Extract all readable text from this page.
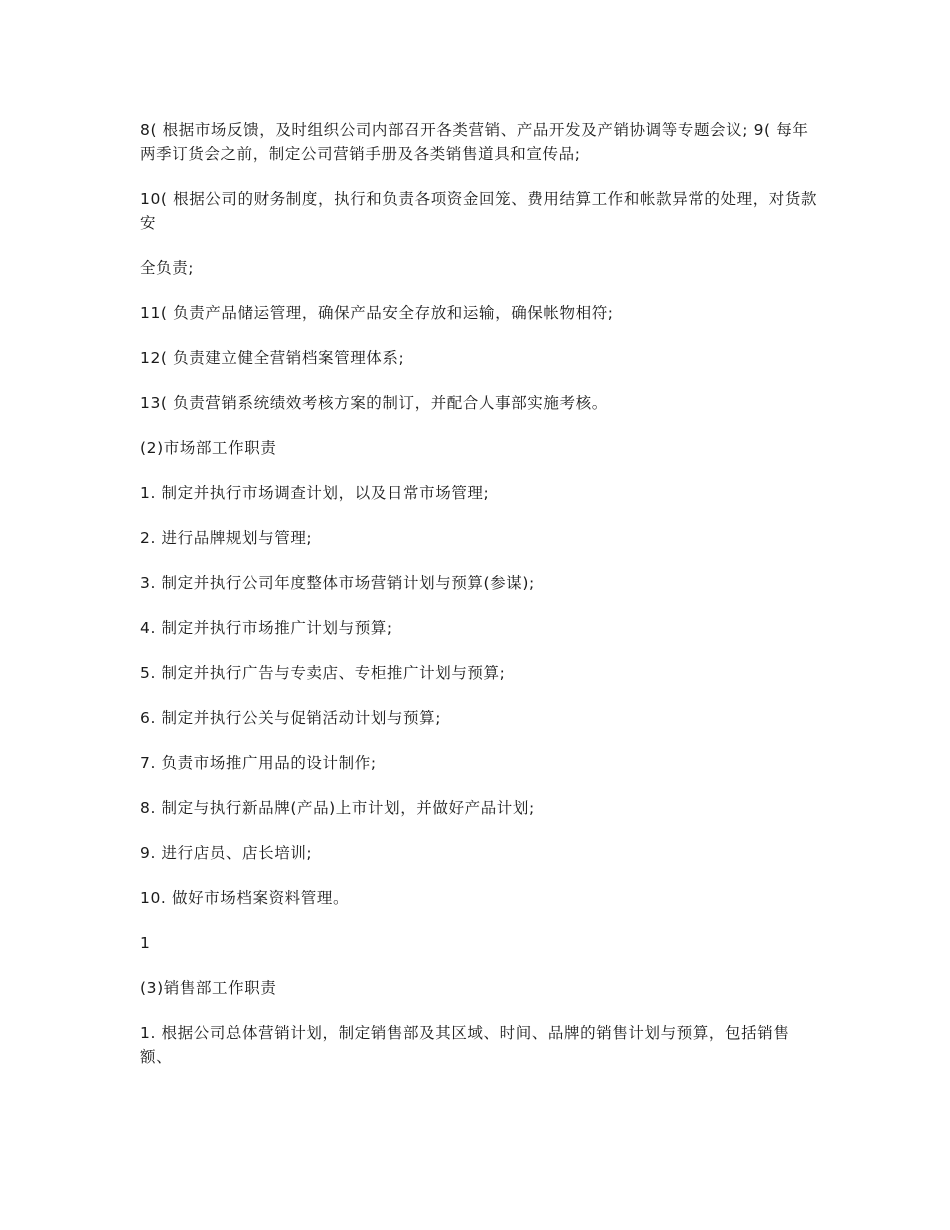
8( 根据市场反馈，及时组织公司内部召开各类营销、产品开发及产销协调等专题会议; 9( 每年两季订货会之前，制定公司营销手册及各类销售道具和宣传品;

10( 根据公司的财务制度，执行和负责各项资金回笼、费用结算工作和帐款异常的处理，对货款安

全负责;

11( 负责产品储运管理，确保产品安全存放和运输，确保帐物相符;

12( 负责建立健全营销档案管理体系;

13( 负责营销系统绩效考核方案的制订，并配合人事部实施考核。

(2)市场部工作职责

1. 制定并执行市场调查计划，以及日常市场管理;

2. 进行品牌规划与管理;

3. 制定并执行公司年度整体市场营销计划与预算(参谋);

4. 制定并执行市场推广计划与预算;

5. 制定并执行广告与专卖店、专柜推广计划与预算;

6. 制定并执行公关与促销活动计划与预算;

7. 负责市场推广用品的设计制作;

8. 制定与执行新品牌(产品)上市计划，并做好产品计划;

9. 进行店员、店长培训;

10. 做好市场档案资料管理。

1

(3)销售部工作职责

1. 根据公司总体营销计划，制定销售部及其区域、时间、品牌的销售计划与预算，包括销售额、
